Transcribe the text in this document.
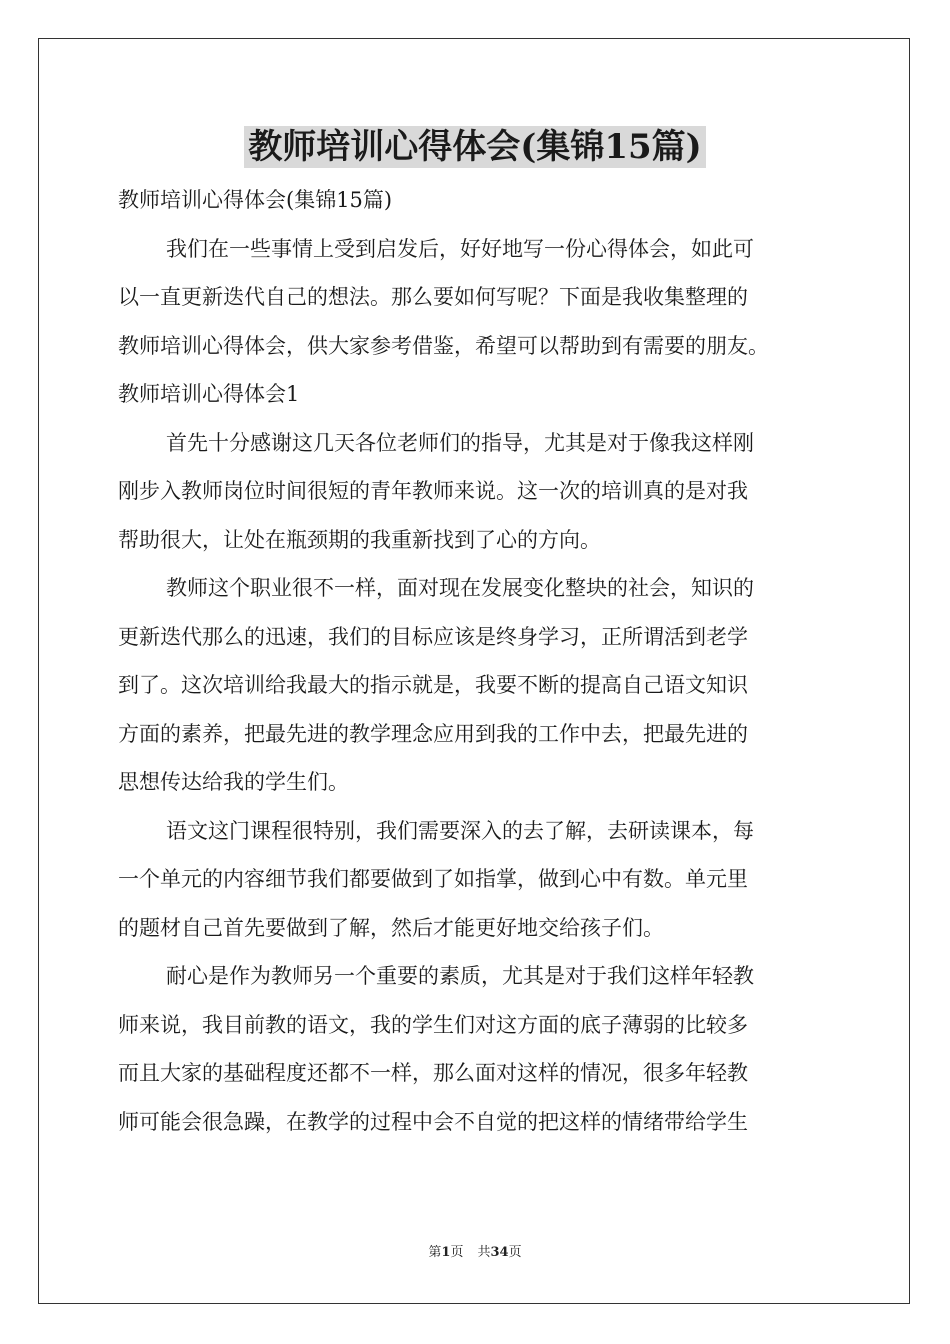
教师培训心得体会(集锦15篇)
教师培训心得体会(集锦15篇)
我们在一些事情上受到启发后，好好地写一份心得体会，如此可
以一直更新迭代自己的想法。那么要如何写呢？下面是我收集整理的
教师培训心得体会，供大家参考借鉴，希望可以帮助到有需要的朋友。
教师培训心得体会1
首先十分感谢这几天各位老师们的指导，尤其是对于像我这样刚
刚步入教师岗位时间很短的青年教师来说。这一次的培训真的是对我
帮助很大，让处在瓶颈期的我重新找到了心的方向。
教师这个职业很不一样，面对现在发展变化整块的社会，知识的
更新迭代那么的迅速，我们的目标应该是终身学习，正所谓活到老学
到了。这次培训给我最大的指示就是，我要不断的提高自己语文知识
方面的素养，把最先进的教学理念应用到我的工作中去，把最先进的
思想传达给我的学生们。
语文这门课程很特别，我们需要深入的去了解，去研读课本，每
一个单元的内容细节我们都要做到了如指掌，做到心中有数。单元里
的题材自己首先要做到了解，然后才能更好地交给孩子们。
耐心是作为教师另一个重要的素质，尤其是对于我们这样年轻教
师来说，我目前教的语文，我的学生们对这方面的底子薄弱的比较多
而且大家的基础程度还都不一样，那么面对这样的情况，很多年轻教
师可能会很急躁，在教学的过程中会不自觉的把这样的情绪带给学生
第1页 共34页
